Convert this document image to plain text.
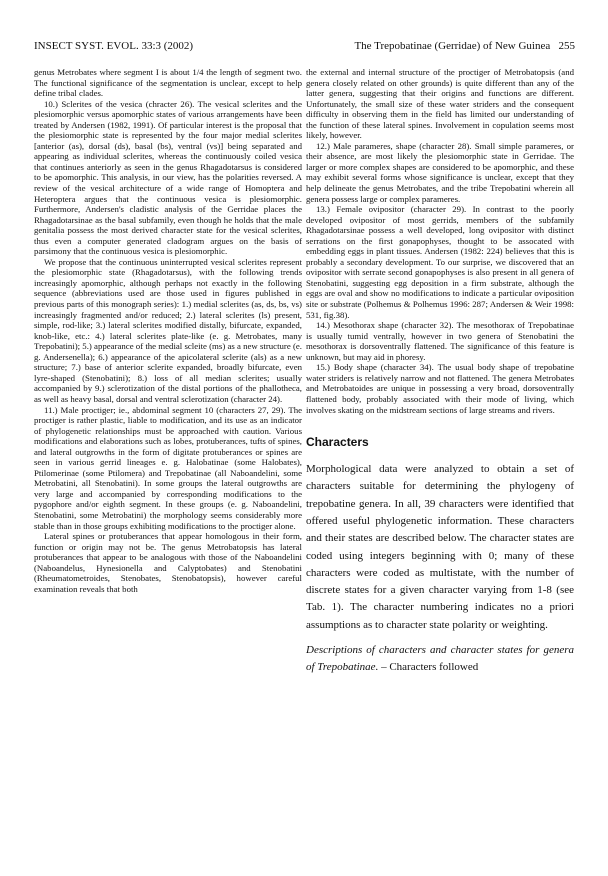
INSECT SYST. EVOL. 33:3 (2002)	The Trepobatinae (Gerridae) of New Guinea 255

genus Metrobates where segment I is about 1/4 the length of segment two. The functional significance of the segmentation is unclear, except to help define tribal clades.

10.) Sclerites of the vesica (chracter 26). The vesical sclerites and the plesiomorphic versus apomorphic states of various arrangements have been treated by Andersen (1982, 1991). Of particular interest is the proposal that the plesiomorphic state is represented by the four major medial sclerites [anterior (as), dorsal (ds), basal (bs), ventral (vs)] being separated and appearing as individual sclerites, whereas the continuously coiled vesica that continues anteriorly as seen in the genus Rhagadotarsus is considered to be apomorphic. This analysis, in our view, has the polarities reversed. A review of the vesical architecture of a wide range of Homoptera and Heteroptera argues that the continuous vesica is plesiomorphic. Furthermore, Andersen's cladistic analysis of the Gerridae places the Rhagadotarsinae as the basal subfamily, even though he holds that the male genitalia possess the most derived character state for the vesical sclerites, thus even a computer generated cladogram argues on the basis of parsimony that the continuous vesica is plesiomorphic.

We propose that the continuous uninterrupted vesical sclerites represent the plesiomorphic state (Rhagadotarsus), with the following trends increasingly apomorphic, although perhaps not exactly in the following sequence (abbreviations used are those used in figures published in previous parts of this monograph series): 1.) medial sclerites (as, ds, bs, vs) increasingly fragmented and/or reduced; 2.) lateral sclerites (ls) present, simple, rod-like; 3.) lateral sclerites modified distally, bifurcate, expanded, knob-like, etc.: 4.) lateral sclerites plate-like (e. g. Metrobates, many Trepobatini); 5.) appearance of the medial scleite (ms) as a new structure (e. g. Andersenella); 6.) appearance of the apicolateral sclerite (als) as a new structure; 7.) base of anterior sclerite expanded, broadly bifurcate, even lyre-shaped (Stenobatini); 8.) loss of all median sclerites; usually accompanied by 9.) sclerotization of the distal portions of the phallotheca, as well as heavy basal, dorsal and ventral sclerotization (character 24).

11.) Male proctiger; ie., abdominal segment 10 (characters 27, 29). The proctiger is rather plastic, liable to modification, and its use as an indicator of phylogenetic relationships must be approached with caution. Various modifications and elaborations such as lobes, protuberances, tufts of spines, and lateral outgrowths in the form of digitate protuberances or spines are seen in various gerrid lineages e. g. Halobatinae (some Halobates), Ptilomerinae (some Ptilomera) and Trepobatinae (all Naboandelini, some Metrobatini, all Stenobatini). In some groups the lateral outgrowths are very large and accompanied by corresponding modifications to the pygophore and/or eighth segment. In these groups (e. g. Naboandelini, Stenobatini, some Metrobatini) the morphology seems considerably more stable than in those groups exhibiting modifications to the proctiger alone.

Lateral spines or protuberances that appear homologous in their form, function or origin may not be. The genus Metrobatopsis has lateral protuberances that appear to be analogous with those of the Naboandelini (Naboandelus, Hynesionella and Calyptobates) and Stenobatini (Rheumatometroides, Stenobates, Stenobatopsis), however careful examination reveals that both

the external and internal structure of the proctiger of Metrobatopsis (and genera closely related on other grounds) is quite different than any of the latter genera, suggesting that their origins and functions are different. Unfortunately, the small size of these water striders and the consequent difficulty in observing them in the field has limited our understanding of the function of these lateral spines. Involvement in copulation seems most likely, however.

12.) Male parameres, shape (character 28). Small simple parameres, or their absence, are most likely the plesiomorphic state in Gerridae. The larger or more complex shapes are considered to be apomorphic, and these may exhibit several forms whose significance is unclear, except that they help delineate the genus Metrobates, and the tribe Trepobatini wherein all genera possess large or complex parameres.

13.) Female ovipositor (character 29). In contrast to the poorly developed ovipositor of most gerrids, members of the subfamily Rhagadotarsinae possess a well developed, long ovipositor with distinct serrations on the first gonapophyses, thought to be assocated with embedding eggs in plant tissues. Andersen (1982: 224) believes that this is probably a secondary development. To our surprise, we discovered that an ovipositor with serrate second gonapophyses is also present in all genera of Stenobatini, suggesting egg deposition in a firm substrate, although the eggs are oval and show no modifications to indicate a particular oviposition site or substrate (Polhemus & Polhemus 1996: 287; Andersen & Weir 1998: 531, fig.38).

14.) Mesothorax shape (character 32). The mesothorax of Trepobatinae is usually tumid ventrally, however in two genera of Stenobatini the mesothorax is dorsoventrally flattened. The significance of this feature is unknown, but may aid in phoresy.

15.) Body shape (character 34). The usual body shape of trepobatine water striders is relatively narrow and not flattened. The genera Metrobates and Metrobatoides are unique in possessing a very broad, dorsoventrally flattened body, probably associated with their mode of living, which involves skating on the midstream sections of large streams and rivers.

Characters

Morphological data were analyzed to obtain a set of characters suitable for determining the phylogeny of trepobatine genera. In all, 39 characters were identified that offered useful phylogenetic information. These characters and their states are described below. The character states are coded using integers beginning with 0; many of these characters were coded as multistate, with the number of discrete states for a given character varying from 1-8 (see Tab. 1). The character numbering indicates no a priori assumptions as to character state polarity or weighting.

Descriptions of characters and character states for genera of Trepobatinae. – Characters followed
